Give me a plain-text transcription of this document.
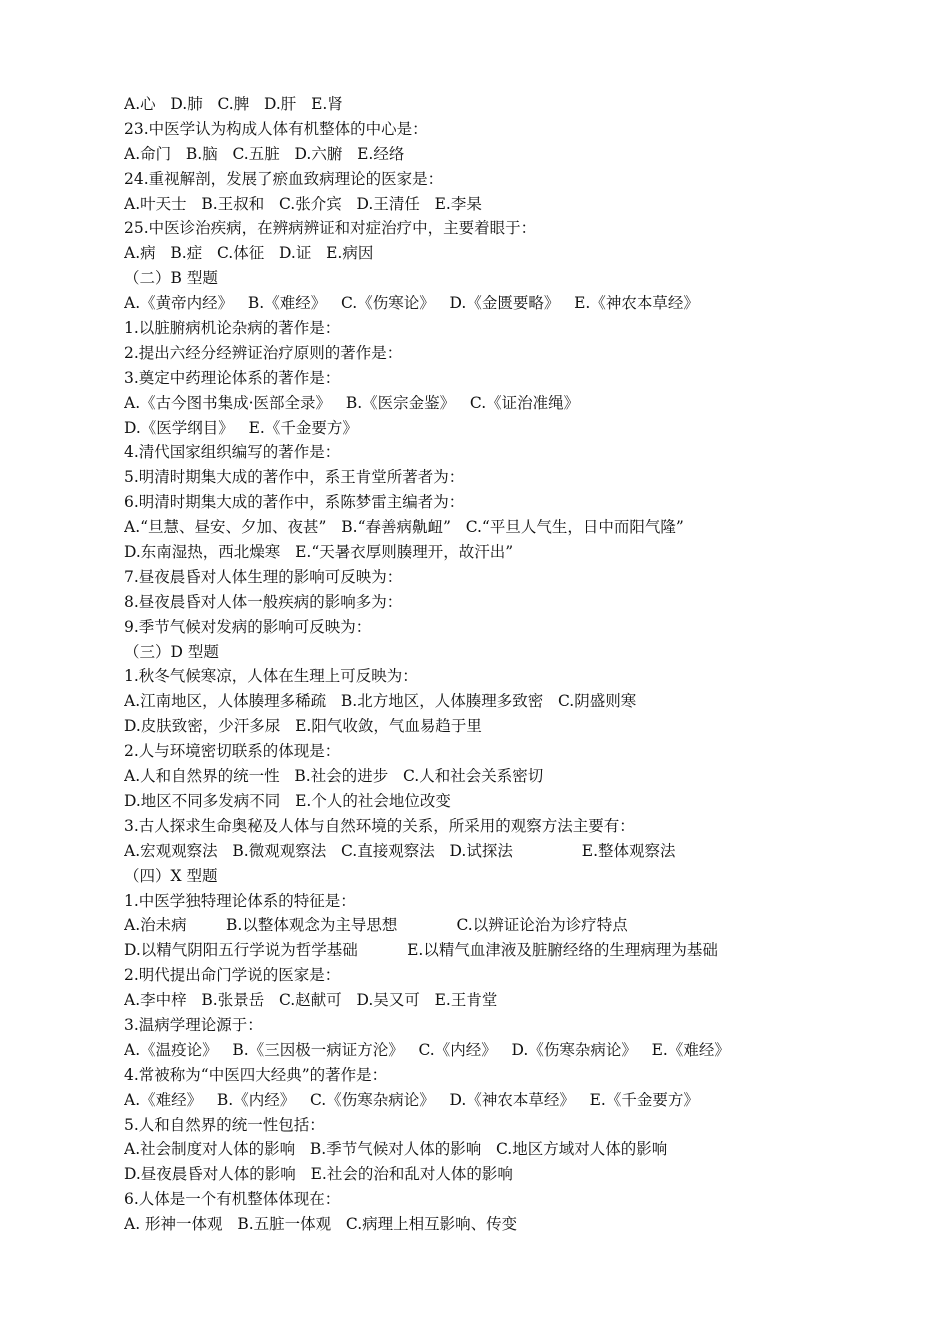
A.心   D.肺   C.脾   D.肝   E.肾
23.中医学认为构成人体有机整体的中心是：
A.命门   B.脑   C.五脏   D.六腑   E.经络
24.重视解剖，发展了瘀血致病理论的医家是：
A.叶天士   B.王叔和   C.张介宾   D.王清任   E.李杲
25.中医诊治疾病，在辨病辨证和对症治疗中，主要着眼于：
A.病   B.症   C.体征   D.证   E.病因
（二）B 型题
A.《黄帝内经》   B.《难经》   C.《伤寒论》   D.《金匮要略》   E.《神农本草经》
1.以脏腑病机论杂病的著作是：
2.提出六经分经辨证治疗原则的著作是：
3.奠定中药理论体系的著作是：
A.《古今图书集成·医部全录》   B.《医宗金鉴》   C.《证治准绳》
D.《医学纲目》   E.《千金要方》
4.清代国家组织编写的著作是：
5.明清时期集大成的著作中，系王肯堂所著者为：
6.明清时期集大成的著作中，系陈梦雷主编者为：
A.“旦慧、昼安、夕加、夜甚”   B.“春善病鼽衄”   C.“平旦人气生，日中而阳气隆”
D.东南湿热，西北燥寒   E.“天暑衣厚则腠理开，故汗出”
7.昼夜晨昏对人体生理的影响可反映为：
8.昼夜晨昏对人体一般疾病的影响多为：
9.季节气候对发病的影响可反映为：
（三）D 型题
1.秋冬气候寒凉，人体在生理上可反映为：
A.江南地区，人体腠理多稀疏   B.北方地区，人体腠理多致密   C.阴盛则寒
D.皮肤致密，少汗多尿   E.阳气收敛，气血易趋于里
2.人与环境密切联系的体现是：
A.人和自然界的统一性   B.社会的进步   C.人和社会关系密切
D.地区不同多发病不同   E.个人的社会地位改变
3.古人探求生命奥秘及人体与自然环境的关系，所采用的观察方法主要有：
A.宏观观察法   B.微观观察法   C.直接观察法   D.试探法              E.整体观察法
（四）X 型题
1.中医学独特理论体系的特征是：
A.治未病        B.以整体观念为主导思想            C.以辨证论治为诊疗特点
D.以精气阴阳五行学说为哲学基础          E.以精气血津液及脏腑经络的生理病理为基础
2.明代提出命门学说的医家是：
A.李中梓   B.张景岳   C.赵献可   D.吴又可   E.王肯堂
3.温病学理论源于：
A.《温疫论》   B.《三因极一病证方沦》   C.《内经》   D.《伤寒杂病论》   E.《难经》
4.常被称为“中医四大经典”的著作是：
A.《难经》   B.《内经》   C.《伤寒杂病论》   D.《神农本草经》   E.《千金要方》
5.人和自然界的统一性包括：
A.社会制度对人体的影响   B.季节气候对人体的影响   C.地区方域对人体的影响
D.昼夜晨昏对人体的影响   E.社会的治和乱对人体的影响
6.人体是一个有机整体体现在：
A. 形神一体观   B.五脏一体观   C.病理上相互影响、传变
